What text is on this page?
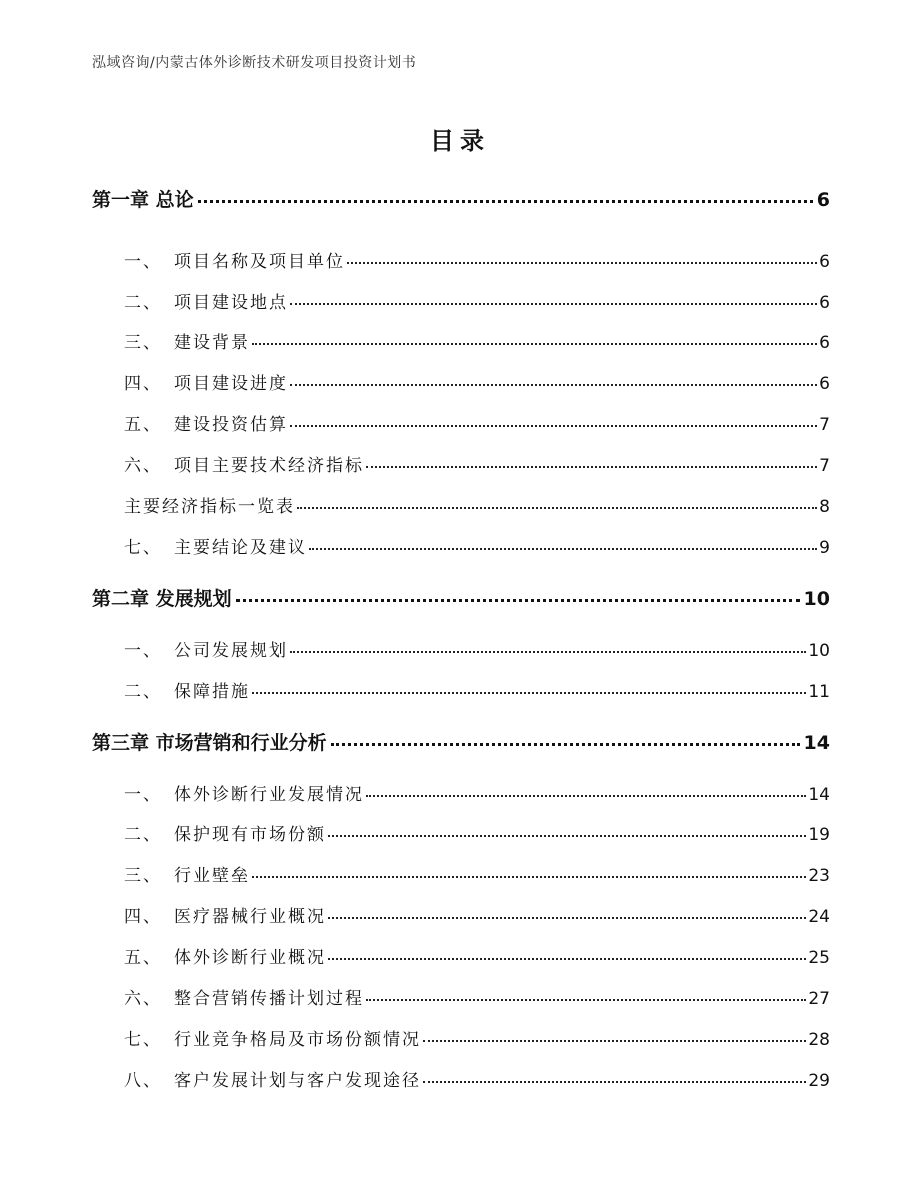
泓域咨询/内蒙古体外诊断技术研发项目投资计划书
目录
第一章 总论	6
一、 项目名称及项目单位	6
二、 项目建设地点	6
三、 建设背景	6
四、 项目建设进度	6
五、 建设投资估算	7
六、 项目主要技术经济指标	7
主要经济指标一览表	8
七、 主要结论及建议	9
第二章 发展规划	10
一、 公司发展规划	10
二、 保障措施	11
第三章 市场营销和行业分析	14
一、 体外诊断行业发展情况	14
二、 保护现有市场份额	19
三、 行业壁垒	23
四、 医疗器械行业概况	24
五、 体外诊断行业概况	25
六、 整合营销传播计划过程	27
七、 行业竞争格局及市场份额情况	28
八、 客户发展计划与客户发现途径	29
